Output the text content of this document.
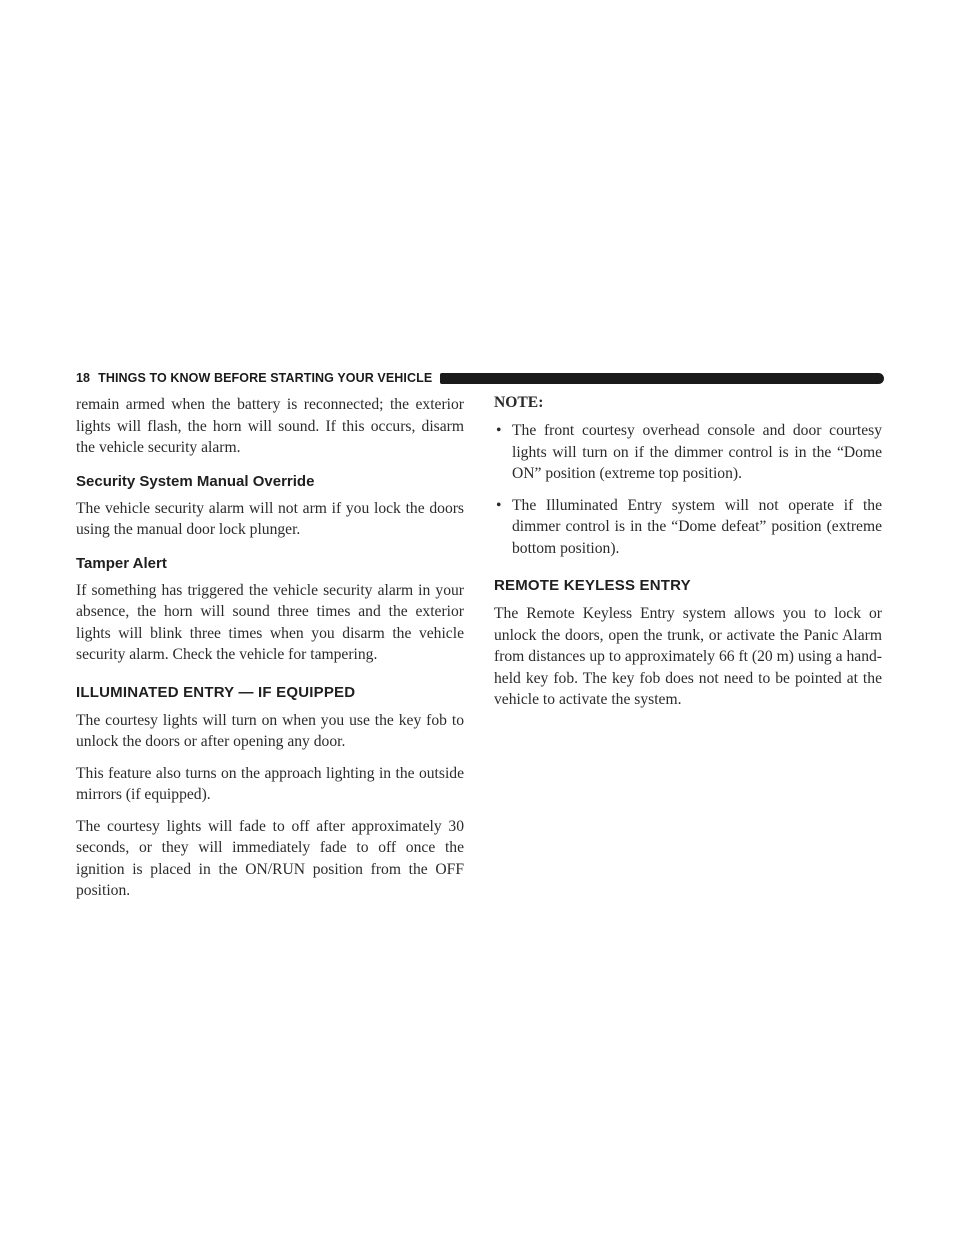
18 THINGS TO KNOW BEFORE STARTING YOUR VEHICLE

remain armed when the battery is reconnected; the exterior lights will flash, the horn will sound. If this occurs, disarm the vehicle security alarm.

Security System Manual Override

The vehicle security alarm will not arm if you lock the doors using the manual door lock plunger.

Tamper Alert

If something has triggered the vehicle security alarm in your absence, the horn will sound three times and the exterior lights will blink three times when you disarm the vehicle security alarm. Check the vehicle for tampering.

ILLUMINATED ENTRY — IF EQUIPPED

The courtesy lights will turn on when you use the key fob to unlock the doors or after opening any door.

This feature also turns on the approach lighting in the outside mirrors (if equipped).

The courtesy lights will fade to off after approximately 30 seconds, or they will immediately fade to off once the ignition is placed in the ON/RUN position from the OFF position.

NOTE:
• The front courtesy overhead console and door courtesy lights will turn on if the dimmer control is in the “Dome ON” position (extreme top position).
• The Illuminated Entry system will not operate if the dimmer control is in the “Dome defeat” position (extreme bottom position).
REMOTE KEYLESS ENTRY

The Remote Keyless Entry system allows you to lock or unlock the doors, open the trunk, or activate the Panic Alarm from distances up to approximately 66 ft (20 m) using a hand-held key fob. The key fob does not need to be pointed at the vehicle to activate the system.
